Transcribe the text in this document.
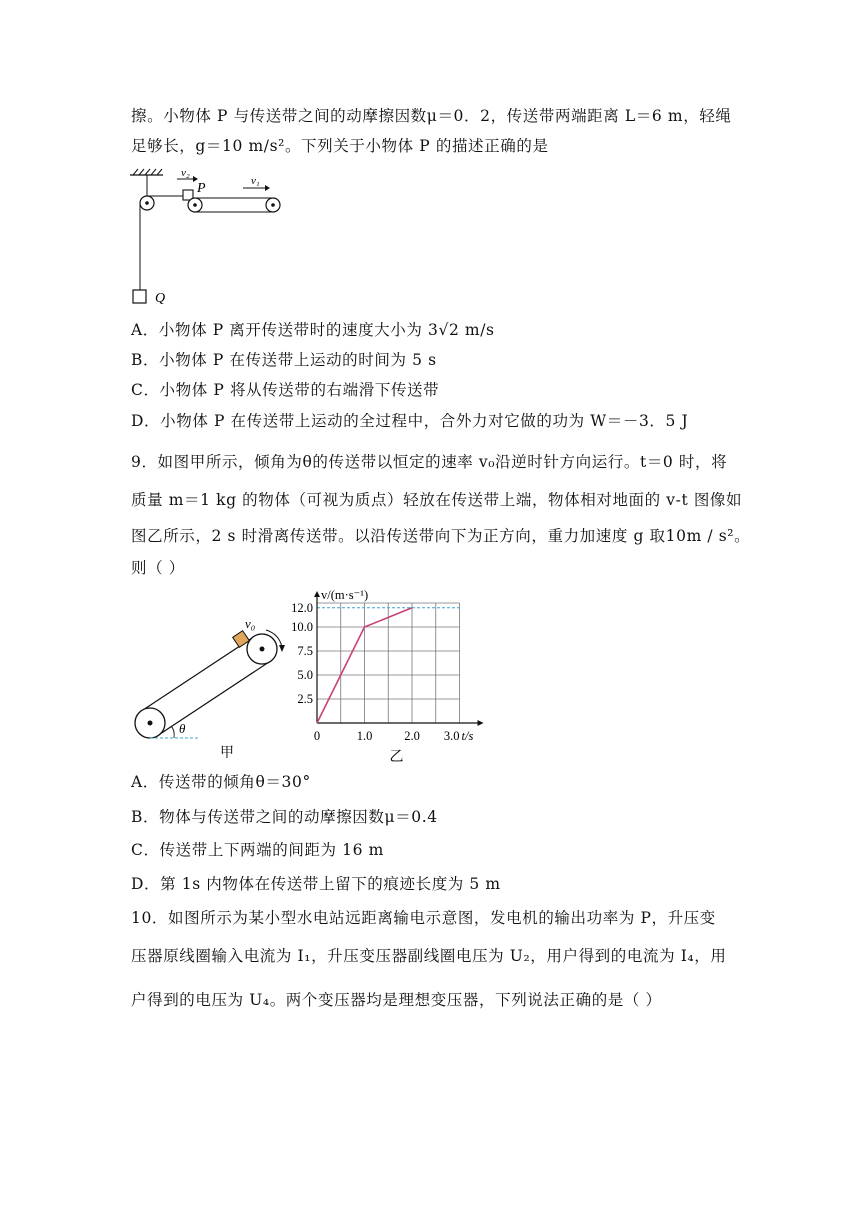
擦。小物体 P 与传送带之间的动摩擦因数μ＝0．2，传送带两端距离 L＝6 m，轻绳
足够长，g＝10 m/s²。下列关于小物体 P 的描述正确的是
Q
v₂
P	v₁
A．小物体 P 离开传送带时的速度大小为 3√2 m/s
B．小物体 P 在传送带上运动的时间为 5 s
C．小物体 P 将从传送带的右端滑下传送带
D．小物体 P 在传送带上运动的全过程中，合外力对它做的功为 W＝－3．5 J
9．如图甲所示，倾角为θ的传送带以恒定的速率 v₀沿逆时针方向运行。t＝0 时，将
质量 m＝1 kg 的物体（可视为质点）轻放在传送带上端，物体相对地面的 v-t 图像如
图乙所示，2 s 时滑离传送带。以沿传送带向下为正方向，重力加速度 g 取10m / s²。
则（ ）
v₀
θ
甲
2.5
5.0
7.5
10.0
12.0
0	1.0	2.0 3.0 t/s
v/(m·s⁻¹)
乙
A．传送带的倾角θ＝30°
B．物体与传送带之间的动摩擦因数μ＝0.4
C．传送带上下两端的间距为 16 m
D．第 1s 内物体在传送带上留下的痕迹长度为 5 m
10．如图所示为某小型水电站远距离输电示意图，发电机的输出功率为 P，升压变
压器原线圈输入电流为 I₁，升压变压器副线圈电压为 U₂，用户得到的电流为 I₄，用
户得到的电压为 U₄。两个变压器均是理想变压器，下列说法正确的是（ ）
